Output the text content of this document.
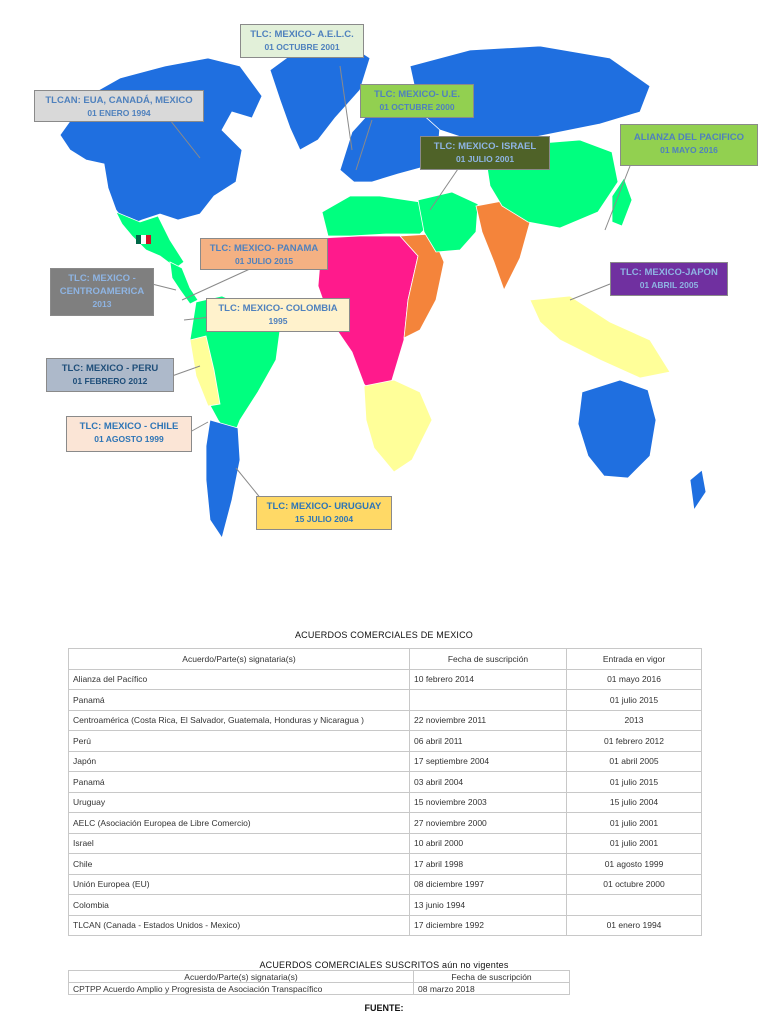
TLCAN: EUA, CANADÁ, MEXICO
01 ENERO 1994
TLC: MEXICO- A.E.L.C.
01 OCTUBRE 2001
TLC: MEXICO- U.E.
01 OCTUBRE 2000
TLC: MEXICO- ISRAEL
01 JULIO 2001
ALIANZA DEL PACIFICO
01 MAYO 2016
TLC: MEXICO- PANAMA
01 JULIO 2015
TLC: MEXICO - CENTROAMERICA
2013
TLC: MEXICO-JAPON
01 ABRIL 2005
TLC: MEXICO- COLOMBIA
1995
TLC: MEXICO - PERU
01 FEBRERO 2012
TLC: MEXICO - CHILE
01 AGOSTO 1999
TLC: MEXICO- URUGUAY
15 JULIO 2004
ACUERDOS COMERCIALES DE MEXICO
Acuerdo/Parte(s) signataria(s)	Fecha de suscripción	Entrada en vigor
Alianza del Pacífico	10 febrero 2014	01 mayo 2016
Panamá		01 julio 2015
Centroamérica (Costa Rica, El Salvador, Guatemala, Honduras y Nicaragua )	22 noviembre 2011	2013
Perú	06 abril 2011	01 febrero 2012
Japón	17 septiembre 2004	01 abril 2005
Panamá	03 abril 2004	01 julio 2015
Uruguay	15 noviembre 2003	15 julio 2004
AELC (Asociación Europea de Libre Comercio)	27 noviembre 2000	01 julio 2001
Israel	10 abril 2000	01 julio 2001
Chile	17 abril 1998	01 agosto 1999
Unión Europea (EU)	08 diciembre 1997	01 octubre 2000
Colombia	13 junio 1994	
TLCAN (Canada - Estados Unidos - Mexico)	17 diciembre 1992	01 enero 1994
ACUERDOS COMERCIALES SUSCRITOS aún no vigentes
Acuerdo/Parte(s) signataria(s)	Fecha de suscripción
CPTPP Acuerdo Amplio y Progresista de Asociación Transpacífico	08 marzo 2018
FUENTE:
